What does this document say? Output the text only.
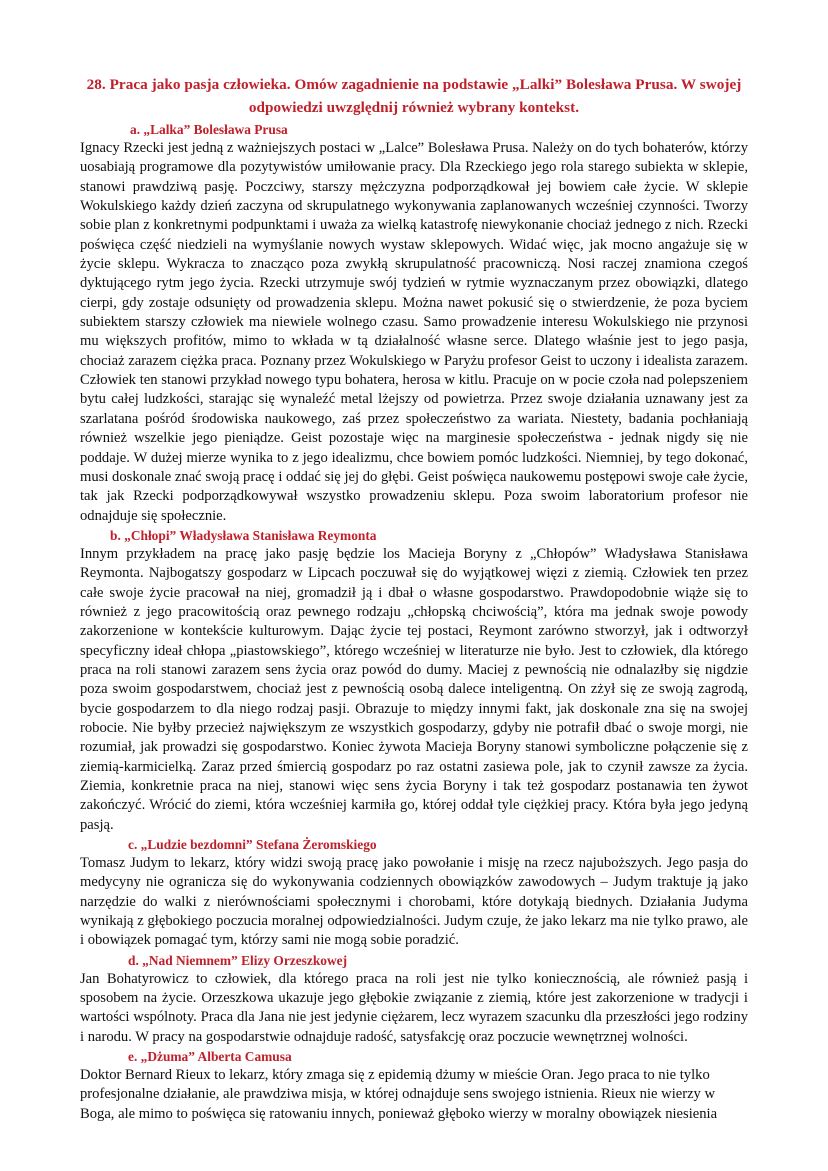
28. Praca jako pasja człowieka. Omów zagadnienie na podstawie „Lalki” Bolesława Prusa. W swojej odpowiedzi uwzględnij również wybrany kontekst.
a. „Lalka” Bolesława Prusa

Ignacy Rzecki jest jedną z ważniejszych postaci w „Lalce” Bolesława Prusa. Należy on do tych bohaterów, którzy uosabiają programowe dla pozytywistów umiłowanie pracy. Dla Rzeckiego jego rola starego subiekta w sklepie, stanowi prawdziwą pasję. Poczciwy, starszy mężczyzna podporządkował jej bowiem całe życie. W sklepie Wokulskiego każdy dzień zaczyna od skrupulatnego wykonywania zaplanowanych wcześniej czynności. Tworzy sobie plan z konkretnymi podpunktami i uważa za wielką katastrofę niewykonanie chociaż jednego z nich. Rzecki poświęca część niedzieli na wymyślanie nowych wystaw sklepowych. Widać więc, jak mocno angażuje się w życie sklepu. Wykracza to znacząco poza zwykłą skrupulatność pracowniczą. Nosi raczej znamiona czegoś dyktującego rytm jego życia. Rzecki utrzymuje swój tydzień w rytmie wyznaczanym przez obowiązki, dlatego cierpi, gdy zostaje odsunięty od prowadzenia sklepu. Można nawet pokusić się o stwierdzenie, że poza byciem subiektem starszy człowiek ma niewiele wolnego czasu. Samo prowadzenie interesu Wokulskiego nie przynosi mu większych profitów, mimo to wkłada w tą działalność własne serce. Dlatego właśnie jest to jego pasja, chociaż zarazem ciężka praca. Poznany przez Wokulskiego w Paryżu profesor Geist to uczony i idealista zarazem. Człowiek ten stanowi przykład nowego typu bohatera, herosa w kitlu. Pracuje on w pocie czoła nad polepszeniem bytu całej ludzkości, starając się wynaleźć metal lżejszy od powietrza. Przez swoje działania uznawany jest za szarlatana pośród środowiska naukowego, zaś przez społeczeństwo za wariata. Niestety, badania pochłaniają również wszelkie jego pieniądze. Geist pozostaje więc na marginesie społeczeństwa - jednak nigdy się nie poddaje. W dużej mierze wynika to z jego idealizmu, chce bowiem pomóc ludzkości. Niemniej, by tego dokonać, musi doskonale znać swoją pracę i oddać się jej do głębi. Geist poświęca naukowemu postępowi swoje całe życie, tak jak Rzecki podporządkowywał wszystko prowadzeniu sklepu. Poza swoim laboratorium profesor nie odnajduje się społecznie.

b. „Chłopi” Władysława Stanisława Reymonta

Innym przykładem na pracę jako pasję będzie los Macieja Boryny z „Chłopów” Władysława Stanisława Reymonta. Najbogatszy gospodarz w Lipcach poczuwał się do wyjątkowej więzi z ziemią. Człowiek ten przez całe swoje życie pracował na niej, gromadził ją i dbał o własne gospodarstwo. Prawdopodobnie wiąże się to również z jego pracowitością oraz pewnego rodzaju „chłopską chciwością”, która ma jednak swoje powody zakorzenione w kontekście kulturowym. Dając życie tej postaci, Reymont zarówno stworzył, jak i odtworzył specyficzny ideał chłopa „piastowskiego”, którego wcześniej w literaturze nie było. Jest to człowiek, dla którego praca na roli stanowi zarazem sens życia oraz powód do dumy. Maciej z pewnością nie odnalazłby się nigdzie poza swoim gospodarstwem, chociaż jest z pewnością osobą dalece inteligentną. On zżył się ze swoją zagrodą, bycie gospodarzem to dla niego rodzaj pasji. Obrazuje to między innymi fakt, jak doskonale zna się na swojej robocie. Nie byłby przecież największym ze wszystkich gospodarzy, gdyby nie potrafił dbać o swoje morgi, nie rozumiał, jak prowadzi się gospodarstwo. Koniec żywota Macieja Boryny stanowi symboliczne połączenie się z ziemią-karmicielką. Zaraz przed śmiercią gospodarz po raz ostatni zasiewa pole, jak to czynił zawsze za życia. Ziemia, konkretnie praca na niej, stanowi więc sens życia Boryny i tak też gospodarz postanawia ten żywot zakończyć. Wrócić do ziemi, która wcześniej karmiła go, której oddał tyle ciężkiej pracy. Która była jego jedyną pasją.

c. „Ludzie bezdomni” Stefana Żeromskiego

Tomasz Judym to lekarz, który widzi swoją pracę jako powołanie i misję na rzecz najuboższych. Jego pasja do medycyny nie ogranicza się do wykonywania codziennych obowiązków zawodowych – Judym traktuje ją jako narzędzie do walki z nierównościami społecznymi i chorobami, które dotykają biednych. Działania Judyma wynikają z głębokiego poczucia moralnej odpowiedzialności. Judym czuje, że jako lekarz ma nie tylko prawo, ale i obowiązek pomagać tym, którzy sami nie mogą sobie poradzić.

d. „Nad Niemnem” Elizy Orzeszkowej

Jan Bohatyrowicz to człowiek, dla którego praca na roli jest nie tylko koniecznością, ale również pasją i sposobem na życie. Orzeszkowa ukazuje jego głębokie związanie z ziemią, które jest zakorzenione w tradycji i wartości wspólnoty. Praca dla Jana nie jest jedynie ciężarem, lecz wyrazem szacunku dla przeszłości jego rodziny i narodu. W pracy na gospodarstwie odnajduje radość, satysfakcję oraz poczucie wewnętrznej wolności.

e. „Dżuma” Alberta Camusa

Doktor Bernard Rieux to lekarz, który zmaga się z epidemią dżumy w mieście Oran. Jego praca to nie tylko profesjonalne działanie, ale prawdziwa misja, w której odnajduje sens swojego istnienia. Rieux nie wierzy w Boga, ale mimo to poświęca się ratowaniu innych, ponieważ głęboko wierzy w moralny obowiązek niesienia
